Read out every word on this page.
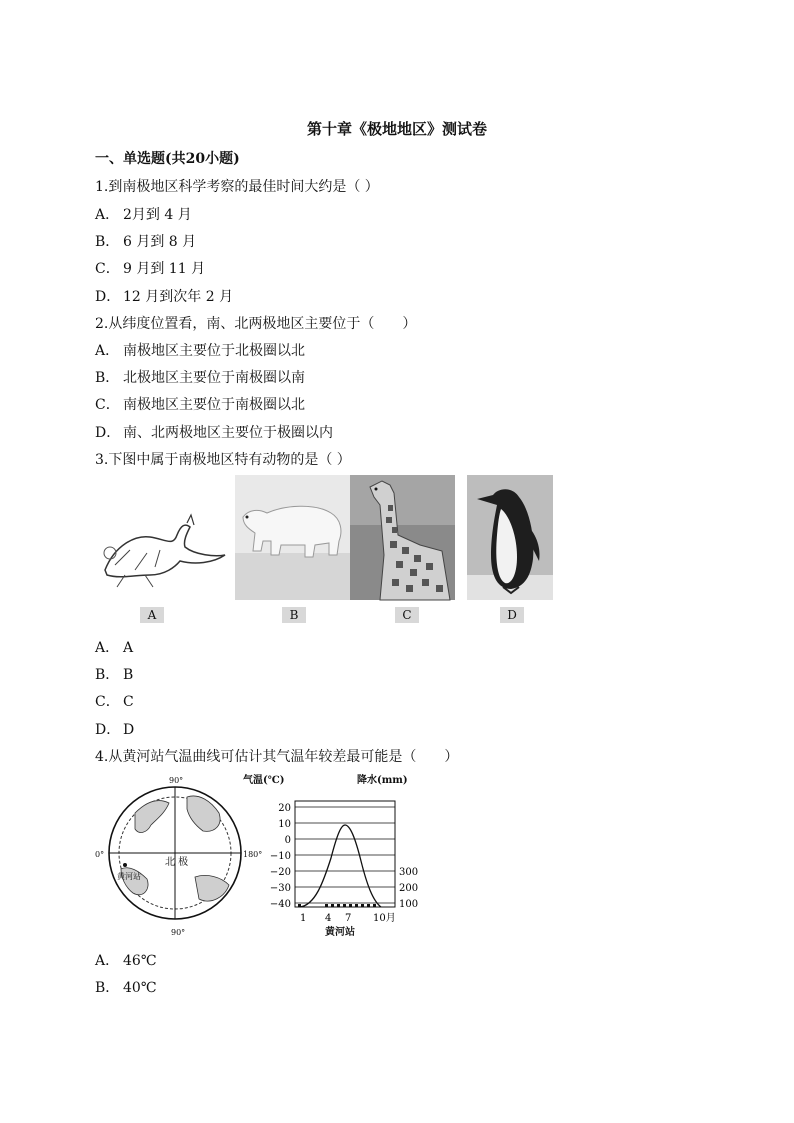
第十章《极地地区》测试卷
一、单选题(共20小题)
1.到南极地区科学考察的最佳时间大约是（ ）
A． 2月到 4 月
B． 6 月到 8 月
C． 9 月到 11 月
D． 12 月到次年 2 月
2.从纬度位置看，南、北两极地区主要位于（　　）
A． 南极地区主要位于北极圈以北
B． 北极地区主要位于南极圈以南
C． 南极地区主要位于南极圈以北
D． 南、北两极地区主要位于极圈以内
3.下图中属于南极地区特有动物的是（ ）
A	B	C	D
A． A
B． B
C． C
D． D
4.从黄河站气温曲线可估计其气温年较差最可能是（　　）
90°
90°
0°	180°
北 极
黄河站
20
10
0
−10
−20
−30
−40
300
200
100
1 4 7 10月
气温(℃)	降水(mm)
黄河站
A． 46℃
B． 40℃
